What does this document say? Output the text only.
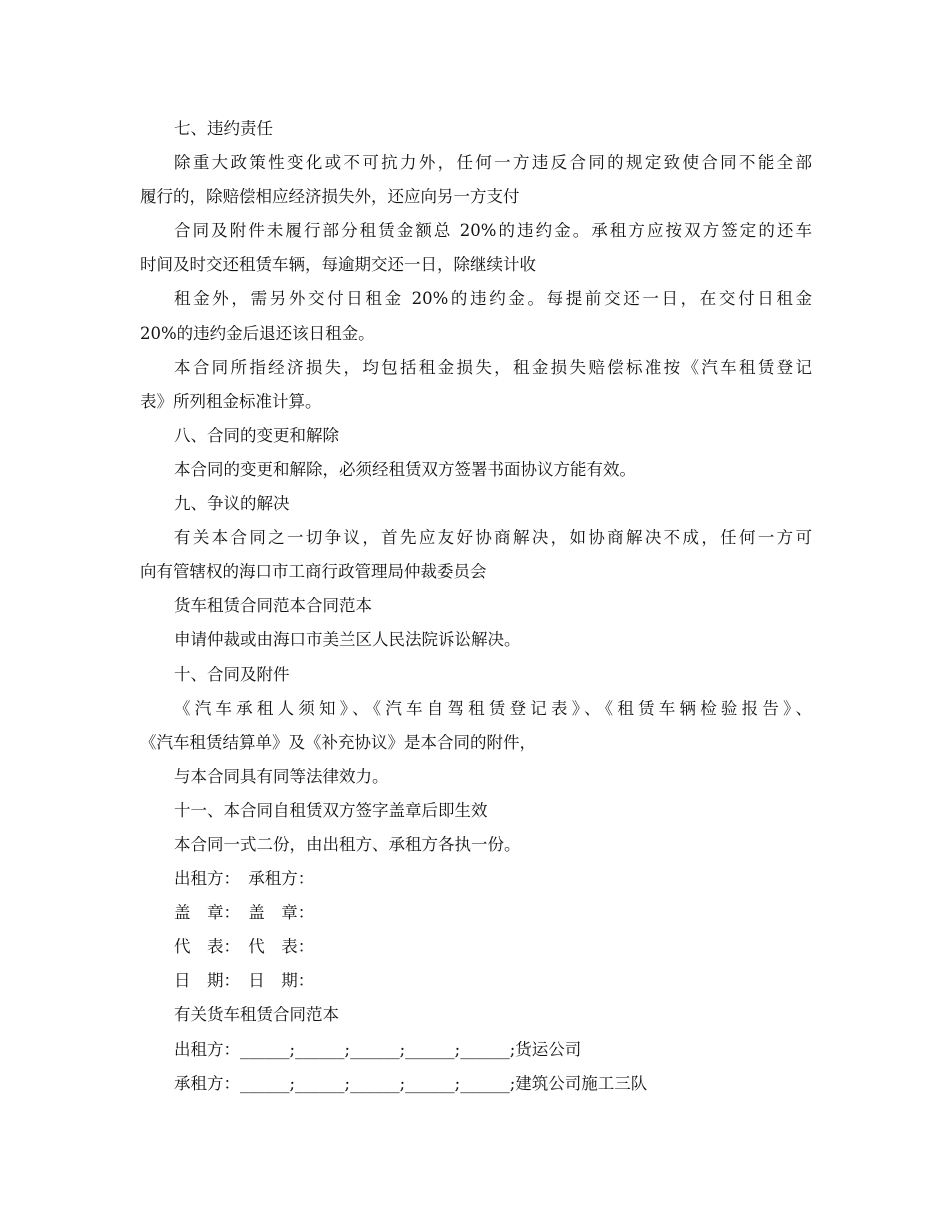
七、违约责任
除重大政策性变化或不可抗力外，任何一方违反合同的规定致使合同不能全部
履行的，除赔偿相应经济损失外，还应向另一方支付
合同及附件未履行部分租赁金额总 20%的违约金。承租方应按双方签定的还车
时间及时交还租赁车辆，每逾期交还一日，除继续计收
租金外，需另外交付日租金 20%的违约金。每提前交还一日，在交付日租金
20%的违约金后退还该日租金。
本合同所指经济损失，均包括租金损失，租金损失赔偿标准按《汽车租赁登记
表》所列租金标准计算。
八、合同的变更和解除
本合同的变更和解除，必须经租赁双方签署书面协议方能有效。
九、争议的解决
有关本合同之一切争议，首先应友好协商解决，如协商解决不成，任何一方可
向有管辖权的海口市工商行政管理局仲裁委员会
货车租赁合同范本合同范本
申请仲裁或由海口市美兰区人民法院诉讼解决。
十、合同及附件
《汽车承租人须知》、《汽车自驾租赁登记表》、《租赁车辆检验报告》、
《汽车租赁结算单》及《补充协议》是本合同的附件，
与本合同具有同等法律效力。
十一、本合同自租赁双方签字盖章后即生效
本合同一式二份，由出租方、承租方各执一份。
出租方：　承租方：
盖　章：　盖　章：
代　表：　代　表：
日　期：　日　期：
有关货车租赁合同范本
出租方：______;______;______;______;______;货运公司
承租方：______;______;______;______;______;建筑公司施工三队
